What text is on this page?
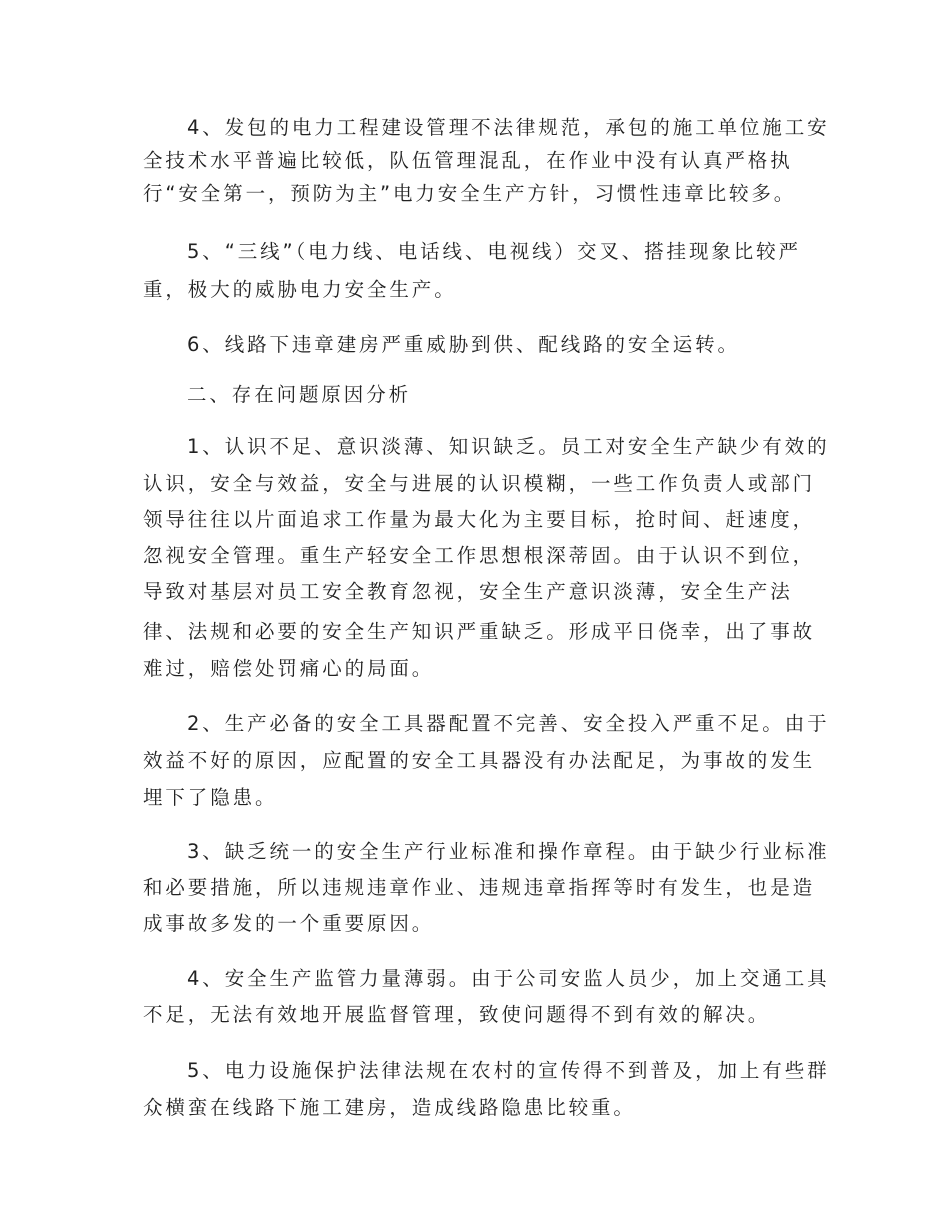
4、发包的电力工程建设管理不法律规范，承包的施工单位施工安

全技术水平普遍比较低，队伍管理混乱，在作业中没有认真严格执

行“安全第一，预防为主”电力安全生产方针，习惯性违章比较多。

5、“三线”（电力线、电话线、电视线）交叉、搭挂现象比较严

重，极大的威胁电力安全生产。

6、线路下违章建房严重威胁到供、配线路的安全运转。

二、存在问题原因分析

1、认识不足、意识淡薄、知识缺乏。员工对安全生产缺少有效的

认识，安全与效益，安全与进展的认识模糊，一些工作负责人或部门

领导往往以片面追求工作量为最大化为主要目标，抢时间、赶速度，

忽视安全管理。重生产轻安全工作思想根深蒂固。由于认识不到位，

导致对基层对员工安全教育忽视，安全生产意识淡薄，安全生产法

律、法规和必要的安全生产知识严重缺乏。形成平日侥幸，出了事故

难过，赔偿处罚痛心的局面。

2、生产必备的安全工具器配置不完善、安全投入严重不足。由于

效益不好的原因，应配置的安全工具器没有办法配足，为事故的发生

埋下了隐患。

3、缺乏统一的安全生产行业标准和操作章程。由于缺少行业标准

和必要措施，所以违规违章作业、违规违章指挥等时有发生，也是造

成事故多发的一个重要原因。

4、安全生产监管力量薄弱。由于公司安监人员少，加上交通工具

不足，无法有效地开展监督管理，致使问题得不到有效的解决。

5、电力设施保护法律法规在农村的宣传得不到普及，加上有些群

众横蛮在线路下施工建房，造成线路隐患比较重。
